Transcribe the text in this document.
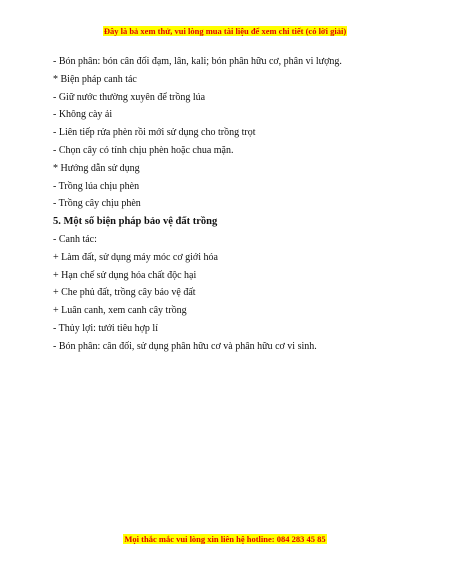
Đây là bả xem thử, vui lòng mua tài liệu để xem chi tiết (có lời giải)
- Bón phân: bón cân đối đạm, lân, kali; bón phân hữu cơ, phân vi lượng.
* Biện pháp canh tác
- Giữ nước thường xuyên để trồng lúa
- Không cày ải
- Liên tiếp rửa phèn rồi mới sử dụng cho trồng trọt
- Chọn cây có tính chịu phèn hoặc chua mặn.
* Hướng dẫn sử dụng
- Trồng lúa chịu phèn
- Trồng cây chịu phèn
5. Một số biện pháp bảo vệ đất trồng
- Canh tác:
+ Làm đất, sử dụng máy móc cơ giới hóa
+ Hạn chế sử dụng hóa chất độc hại
+ Che phủ đất, trồng cây bảo vệ đất
+ Luân canh, xem canh cây trồng
- Thủy lợi: tưới tiêu hợp lí
- Bón phân: cân đối, sử dụng phân hữu cơ và phân hữu cơ vi sinh.
Mọi thắc mắc vui lòng xin liên hệ hotline: 084 283 45 85
